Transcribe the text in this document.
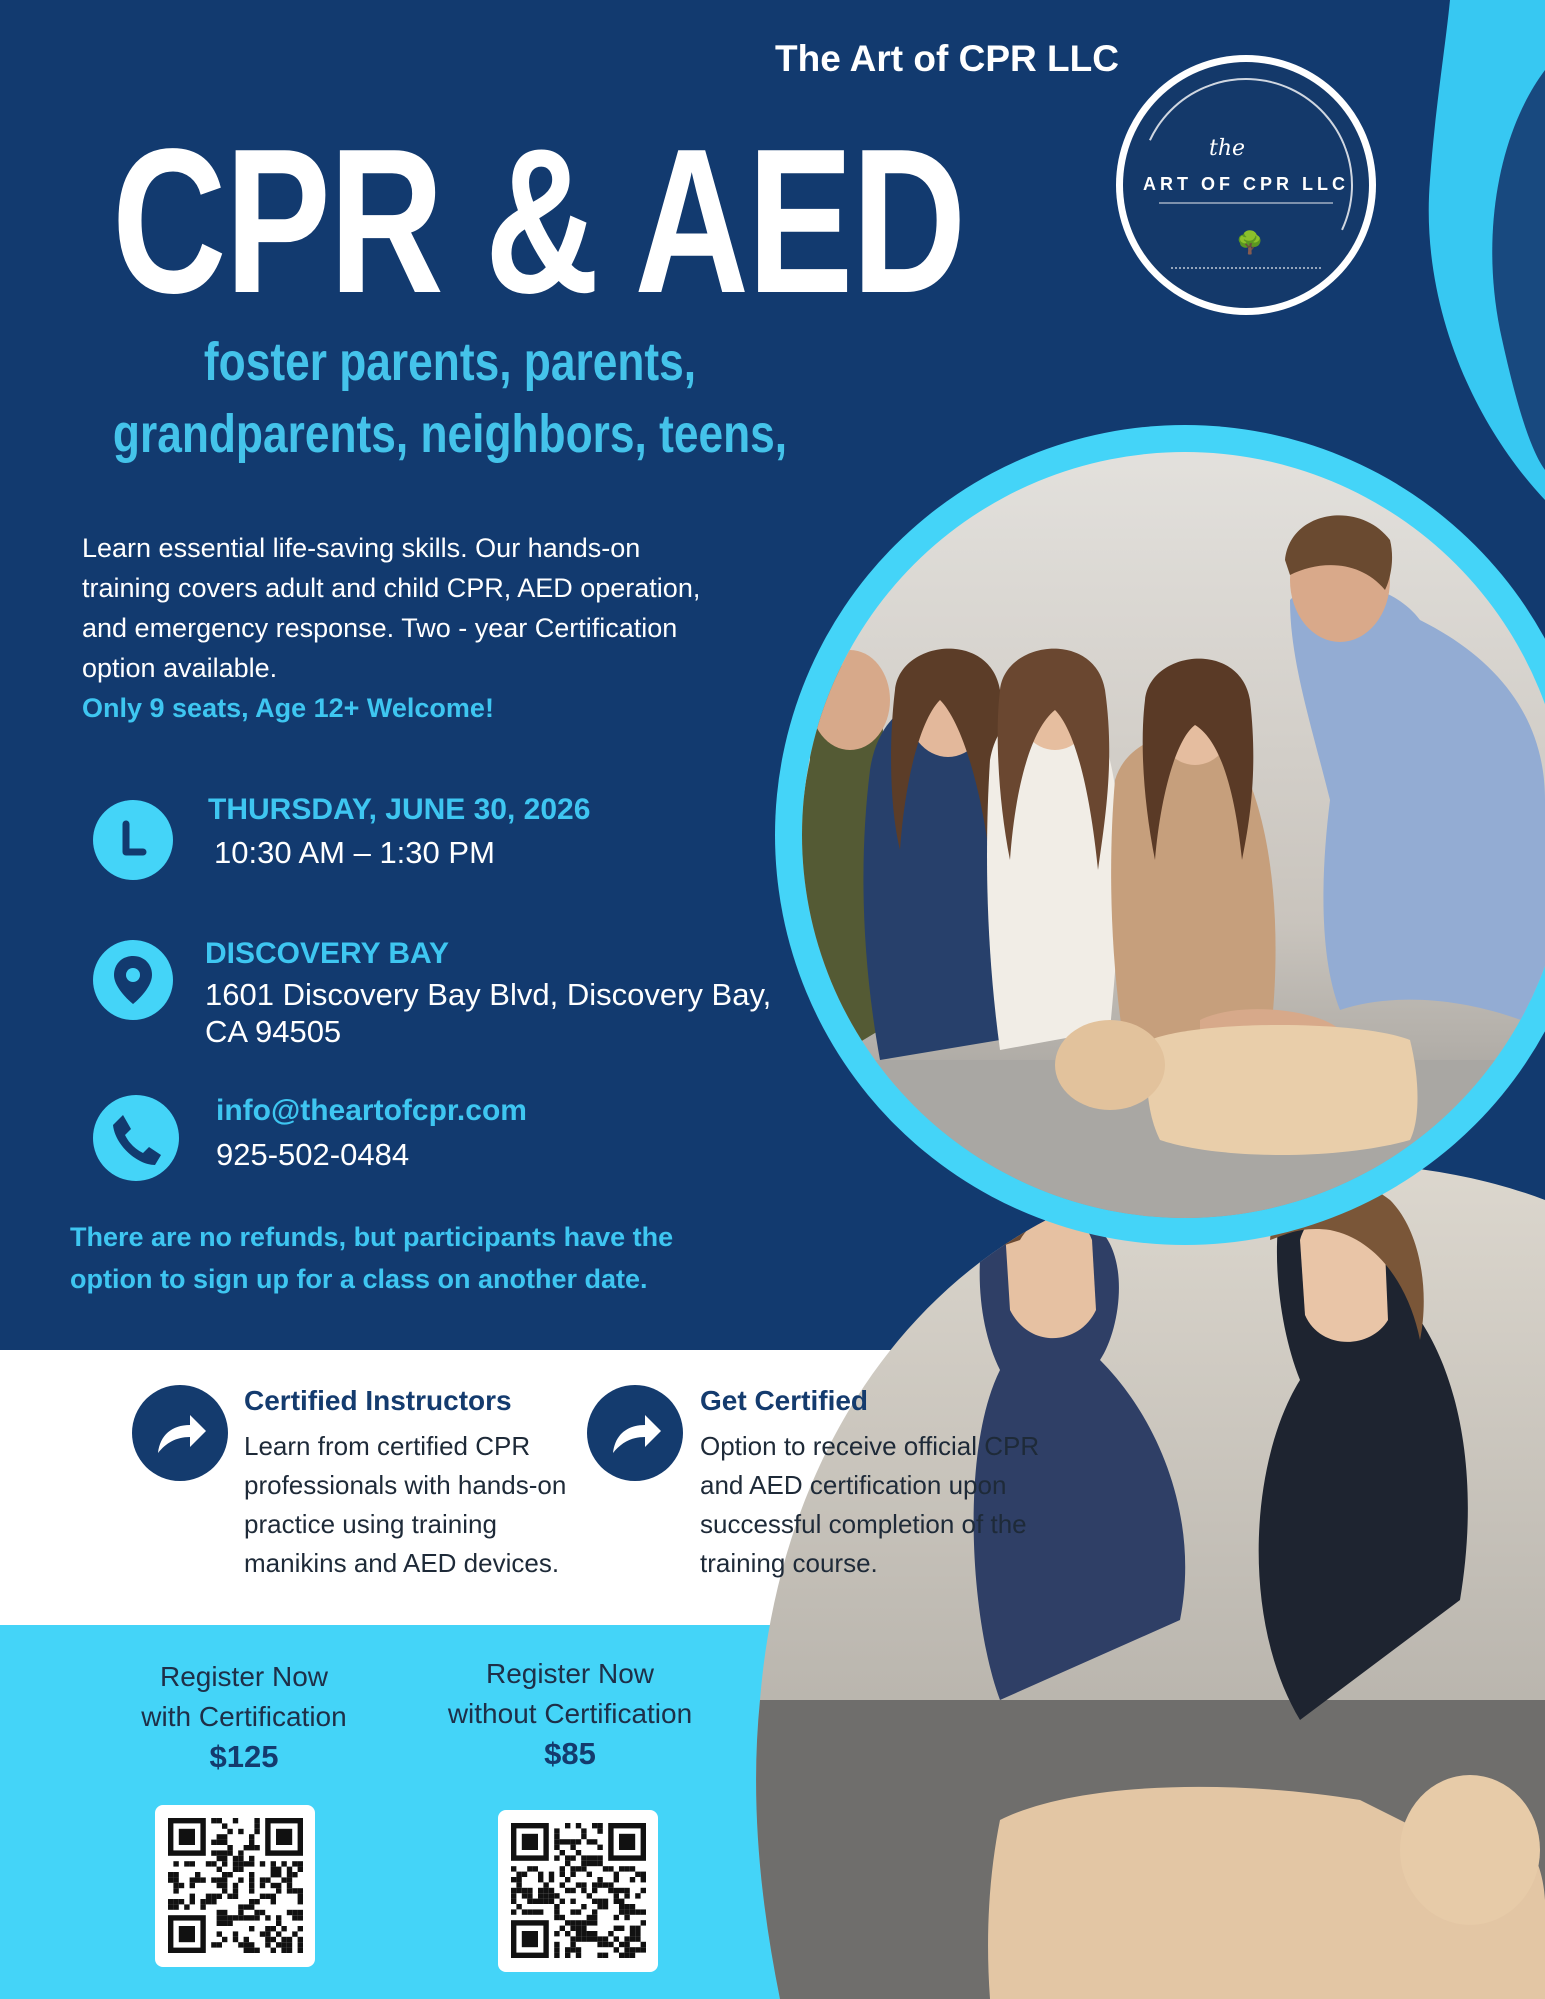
The Art of CPR LLC
the
ART OF CPR LLC
🌳
CPR & AED
foster parents, parents,
grandparents, neighbors, teens,
Learn essential life-saving skills. Our hands-on training covers adult and child CPR, AED operation, and emergency response. Two - year Certification option available.
Only 9 seats, Age 12+ Welcome!
THURSDAY, JUNE 30, 2026
10:30 AM – 1:30 PM
DISCOVERY BAY
1601 Discovery Bay Blvd, Discovery Bay,
CA 94505
info@theartofcpr.com
925-502-0484
There are no refunds, but participants have the option to sign up for a class on another date.
Certified Instructors
Learn from certified CPR professionals with hands-on practice using training manikins and AED devices.
Get Certified
Option to receive official CPR and AED certification upon successful completion of the training course.
Register Now
with Certification
$125
Register Now
without Certification
$85
